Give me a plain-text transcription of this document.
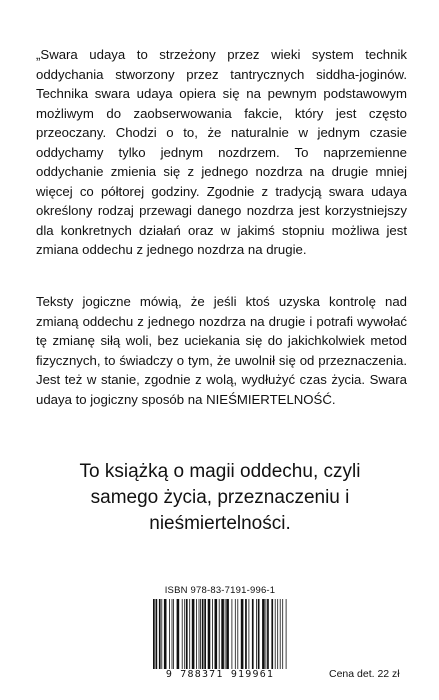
„Swara udaya to strzeżony przez wieki system technik oddychania stworzony przez tantrycznych siddha-joginów. Technika swara udaya opiera się na pewnym podstawowym możliwym do zaobserwowania fakcie, który jest często przeoczany. Chodzi o to, że naturalnie w jednym czasie oddychamy tylko jednym nozdrzem. To naprzemienne oddychanie zmienia się z jednego nozdrza na drugie mniej więcej co półtorej godziny. Zgodnie z tradycją swara udaya określony rodzaj przewagi danego nozdrza jest korzystniejszy dla konkretnych działań oraz w jakimś stopniu możliwa jest zmiana oddechu z jednego nozdrza na drugie.

Teksty jogiczne mówią, że jeśli ktoś uzyska kontrolę nad zmianą oddechu z jednego nozdrza na drugie i potrafi wywołać tę zmianę siłą woli, bez uciekania się do jakichkolwiek metod fizycznych, to świadczy o tym, że uwolnił się od przeznaczenia. Jest też w stanie, zgodnie z wolą, wydłużyć czas życia. Swara udaya to jogiczny sposób na NIEŚMIERTELNOŚĆ.

To książką o magii oddechu, czyli samego życia, przeznaczeniu i nieśmiertelności.

ISBN 978-83-7191-996-1
9 788371 919961	Cena det. 22 zł
